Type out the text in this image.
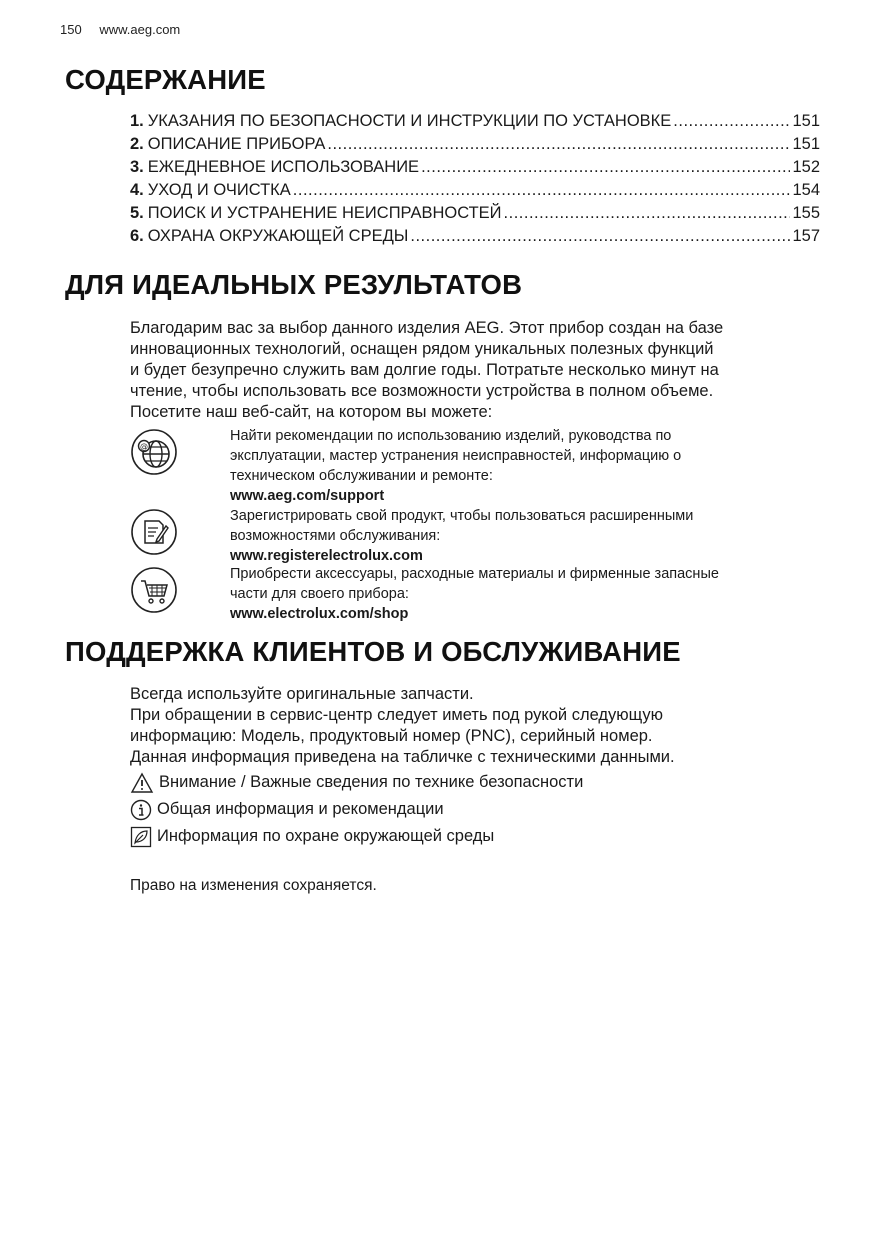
150 www.aeg.com
СОДЕРЖАНИЕ
1. УКАЗАНИЯ ПО БЕЗОПАСНОСТИ И ИНСТРУКЦИИ ПО УСТАНОВКЕ .....	151
2. ОПИСАНИЕ ПРИБОРА .....	151
3. ЕЖЕДНЕВНОЕ ИСПОЛЬЗОВАНИЕ .....	152
4. УХОД И ОЧИСТКА .....	154
5. ПОИСК И УСТРАНЕНИЕ НЕИСПРАВНОСТЕЙ .....	155
6. ОХРАНА ОКРУЖАЮЩЕЙ СРЕДЫ .....	157
ДЛЯ ИДЕАЛЬНЫХ РЕЗУЛЬТАТОВ
Благодарим вас за выбор данного изделия AEG. Этот прибор создан на базе
инновационных технологий, оснащен рядом уникальных полезных функций
и будет безупречно служить вам долгие годы. Потратьте несколько минут на
чтение, чтобы использовать все возможности устройства в полном объеме.
Посетите наш веб-сайт, на котором вы можете:
@
Найти рекомендации по использованию изделий, руководства по
эксплуатации, мастер устранения неисправностей, информацию о
техническом обслуживании и ремонте:
www.aeg.com/support
Зарегистрировать свой продукт, чтобы пользоваться расширенными
возможностями обслуживания:
www.registerelectrolux.com
Приобрести аксессуары, расходные материалы и фирменные запасные
части для своего прибора:
www.electrolux.com/shop
ПОДДЕРЖКА КЛИЕНТОВ И ОБСЛУЖИВАНИЕ
Всегда используйте оригинальные запчасти.
При обращении в сервис-центр следует иметь под рукой следующую
информацию: Модель, продуктовый номер (PNC), серийный номер.
Данная информация приведена на табличке с техническими данными.
Внимание / Важные сведения по технике безопасности
Общая информация и рекомендации
Информация по охране окружающей среды
Право на изменения сохраняется.
